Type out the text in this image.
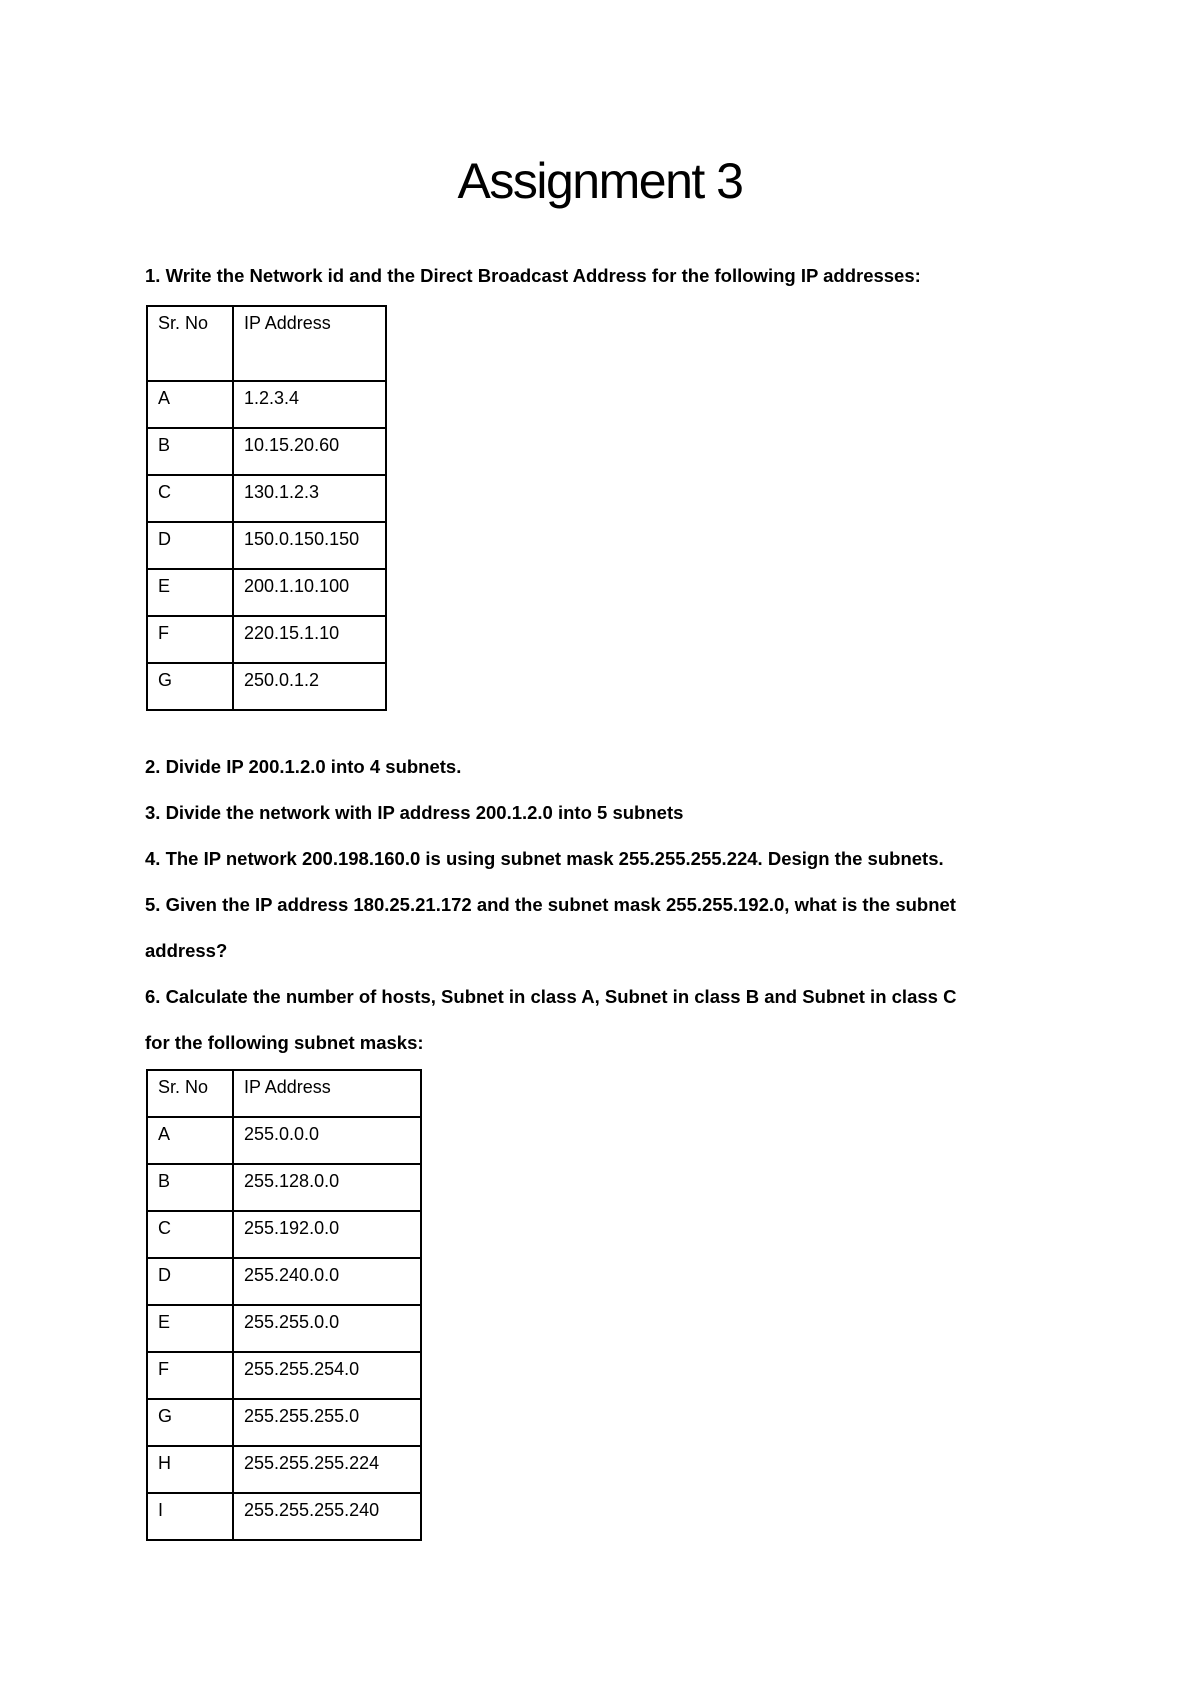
Assignment 3
1. Write the Network id and the Direct Broadcast Address for the following IP addresses:
Sr. No	IP Address

A	1.2.3.4

B	10.15.20.60

C	130.1.2.3

D	150.0.150.150

E	200.1.10.100

F	220.15.1.10

G	250.0.1.2
2. Divide IP 200.1.2.0 into 4 subnets.
3. Divide the network with IP address 200.1.2.0 into 5 subnets
4. The IP network 200.198.160.0 is using subnet mask 255.255.255.224. Design the subnets.
5. Given the IP address 180.25.21.172 and the subnet mask 255.255.192.0, what is the subnet
address?
6. Calculate the number of hosts, Subnet in class A, Subnet in class B and Subnet in class C
for the following subnet masks:
Sr. No	IP Address

A	255.0.0.0

B	255.128.0.0

C	255.192.0.0

D	255.240.0.0

E	255.255.0.0

F	255.255.254.0

G	255.255.255.0

H	255.255.255.224

I	255.255.255.240
